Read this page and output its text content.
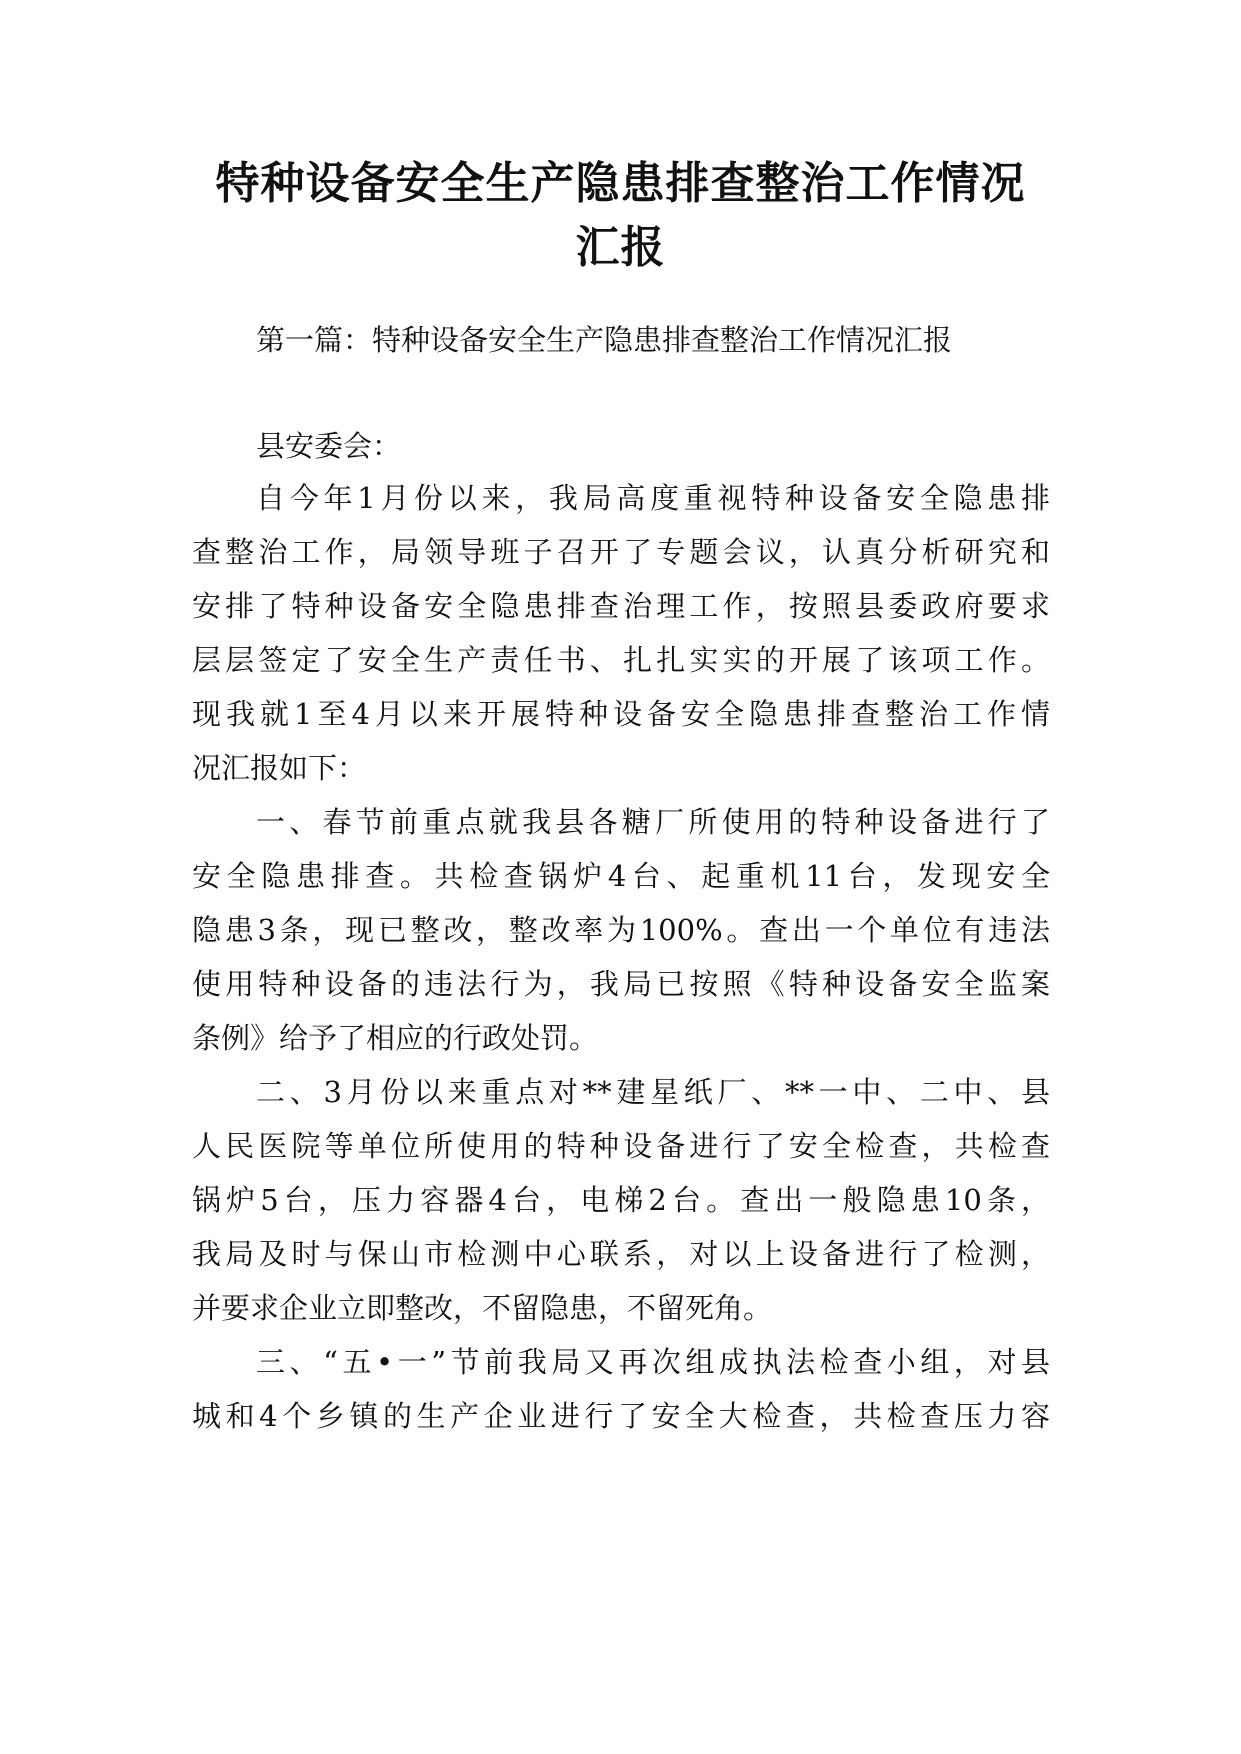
特种设备安全生产隐患排查整治工作情况
汇报
第一篇：特种设备安全生产隐患排查整治工作情况汇报
县安委会：
自今年1月份以来，我局高度重视特种设备安全隐患排
查整治工作，局领导班子召开了专题会议，认真分析研究和
安排了特种设备安全隐患排查治理工作，按照县委政府要求
层层签定了安全生产责任书、扎扎实实的开展了该项工作。
现我就1至4月以来开展特种设备安全隐患排查整治工作情
况汇报如下：
一、春节前重点就我县各糖厂所使用的特种设备进行了
安全隐患排查。共检查锅炉4台、起重机11台，发现安全
隐患3条，现已整改，整改率为100%。查出一个单位有违法
使用特种设备的违法行为，我局已按照《特种设备安全监案
条例》给予了相应的行政处罚。
二、3月份以来重点对**建星纸厂、**一中、二中、县
人民医院等单位所使用的特种设备进行了安全检查，共检查
锅炉5台，压力容器4台，电梯2台。查出一般隐患10条，
我局及时与保山市检测中心联系，对以上设备进行了检测，
并要求企业立即整改，不留隐患，不留死角。
三、“五•一”节前我局又再次组成执法检查小组，对县
城和4个乡镇的生产企业进行了安全大检查，共检查压力容
